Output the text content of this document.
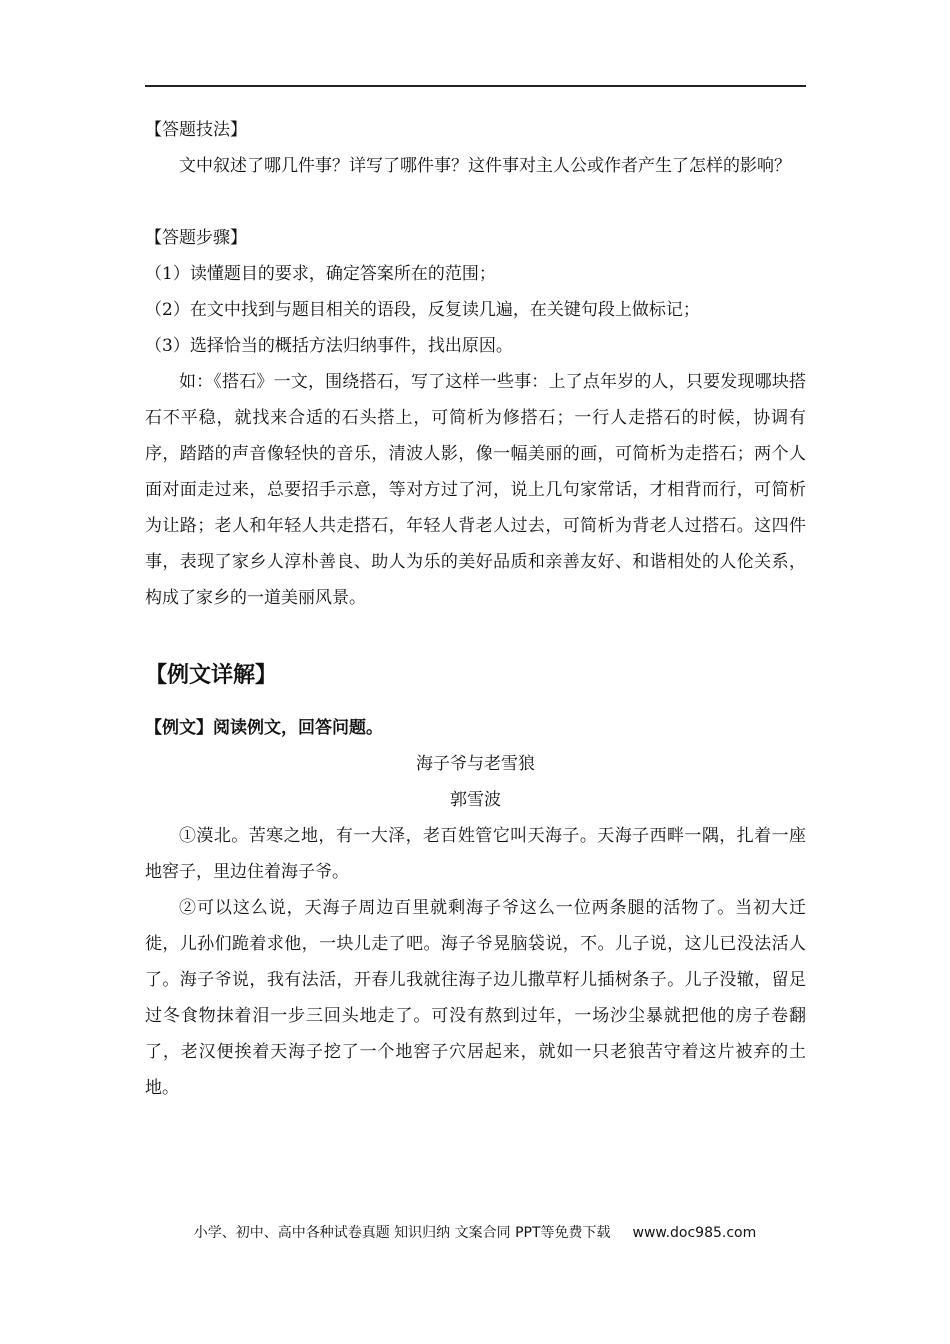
【答题技法】

文中叙述了哪几件事？详写了哪件事？这件事对主人公或作者产生了怎样的影响？

【答题步骤】

（1）读懂题目的要求，确定答案所在的范围；

（2）在文中找到与题目相关的语段，反复读几遍，在关键句段上做标记；

（3）选择恰当的概括方法归纳事件，找出原因。

如：《搭石》一文，围绕搭石，写了这样一些事：上了点年岁的人，只要发现哪块搭石不平稳，就找来合适的石头搭上，可简析为修搭石；一行人走搭石的时候，协调有序，踏踏的声音像轻快的音乐，清波人影，像一幅美丽的画，可简析为走搭石；两个人面对面走过来，总要招手示意，等对方过了河，说上几句家常话，才相背而行，可简析为让路；老人和年轻人共走搭石，年轻人背老人过去，可简析为背老人过搭石。这四件事，表现了家乡人淳朴善良、助人为乐的美好品质和亲善友好、和谐相处的人伦关系，构成了家乡的一道美丽风景。

【例文详解】

【例文】阅读例文，回答问题。

海子爷与老雪狼

郭雪波

①漠北。苦寒之地，有一大泽，老百姓管它叫天海子。天海子西畔一隅，扎着一座地窖子，里边住着海子爷。

②可以这么说，天海子周边百里就剩海子爷这么一位两条腿的活物了。当初大迁徙，儿孙们跪着求他，一块儿走了吧。海子爷晃脑袋说，不。儿子说，这儿已没法活人了。海子爷说，我有法活，开春儿我就往海子边儿撒草籽儿插树条子。儿子没辙，留足过冬食物抹着泪一步三回头地走了。可没有熬到过年，一场沙尘暴就把他的房子卷翻了，老汉便挨着天海子挖了一个地窖子穴居起来，就如一只老狼苦守着这片被弃的土地。

小学、初中、高中各种试卷真题 知识归纳 文案合同 PPT等免费下载 www.doc985.com
